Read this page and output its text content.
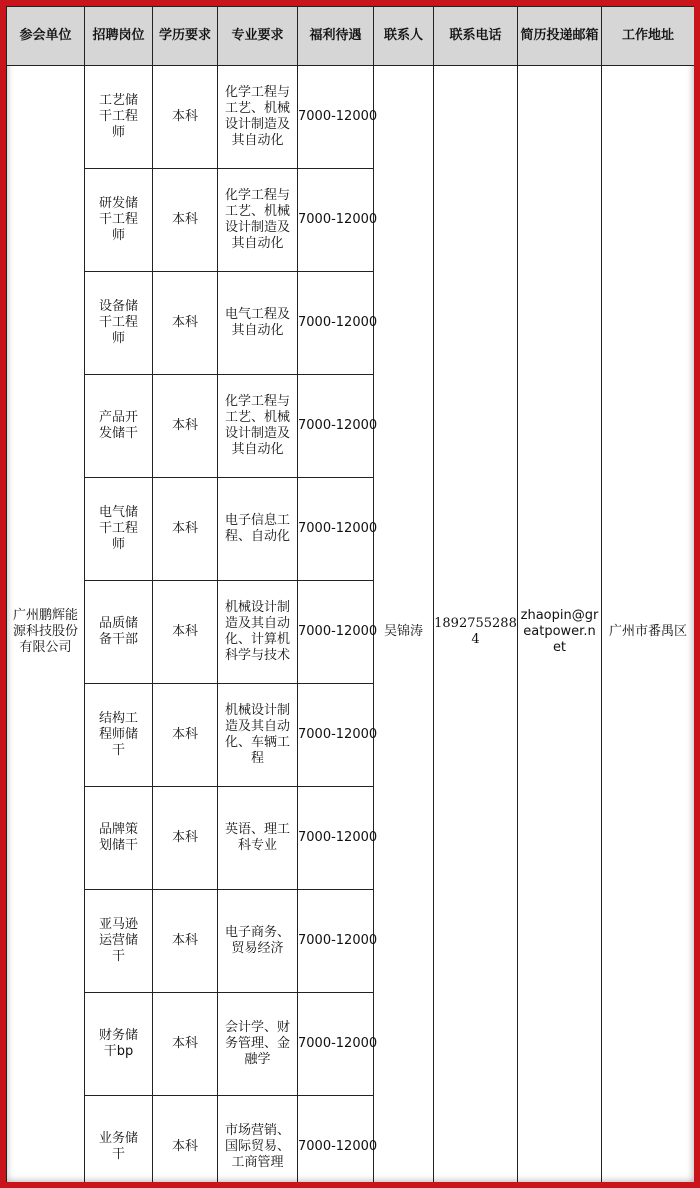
参会单位	招聘岗位	学历要求	专业要求	福利待遇	联系人	联系电话	简历投递邮箱	工作地址
广州鹏辉能源科技股份有限公司	工艺储干工程师	本科	化学工程与工艺、机械设计制造及其自动化	7000-12000	吴锦涛	18927552884	zhaopin@greatpower.net	广州市番禺区
	研发储干工程师	本科	化学工程与工艺、机械设计制造及其自动化	7000-12000				
	设备储干工程师	本科	电气工程及其自动化	7000-12000				
	产品开发储干	本科	化学工程与工艺、机械设计制造及其自动化	7000-12000				
	电气储干工程师	本科	电子信息工程、自动化	7000-12000				
	品质储备干部	本科	机械设计制造及其自动化、计算机科学与技术	7000-12000				
	结构工程师储干	本科	机械设计制造及其自动化、车辆工程	7000-12000				
	品牌策划储干	本科	英语、理工科专业	7000-12000				
	亚马逊运营储干	本科	电子商务、贸易经济	7000-12000				
	财务储干bp	本科	会计学、财务管理、金融学	7000-12000				
	业务储干	本科	市场营销、国际贸易、工商管理	7000-12000				
